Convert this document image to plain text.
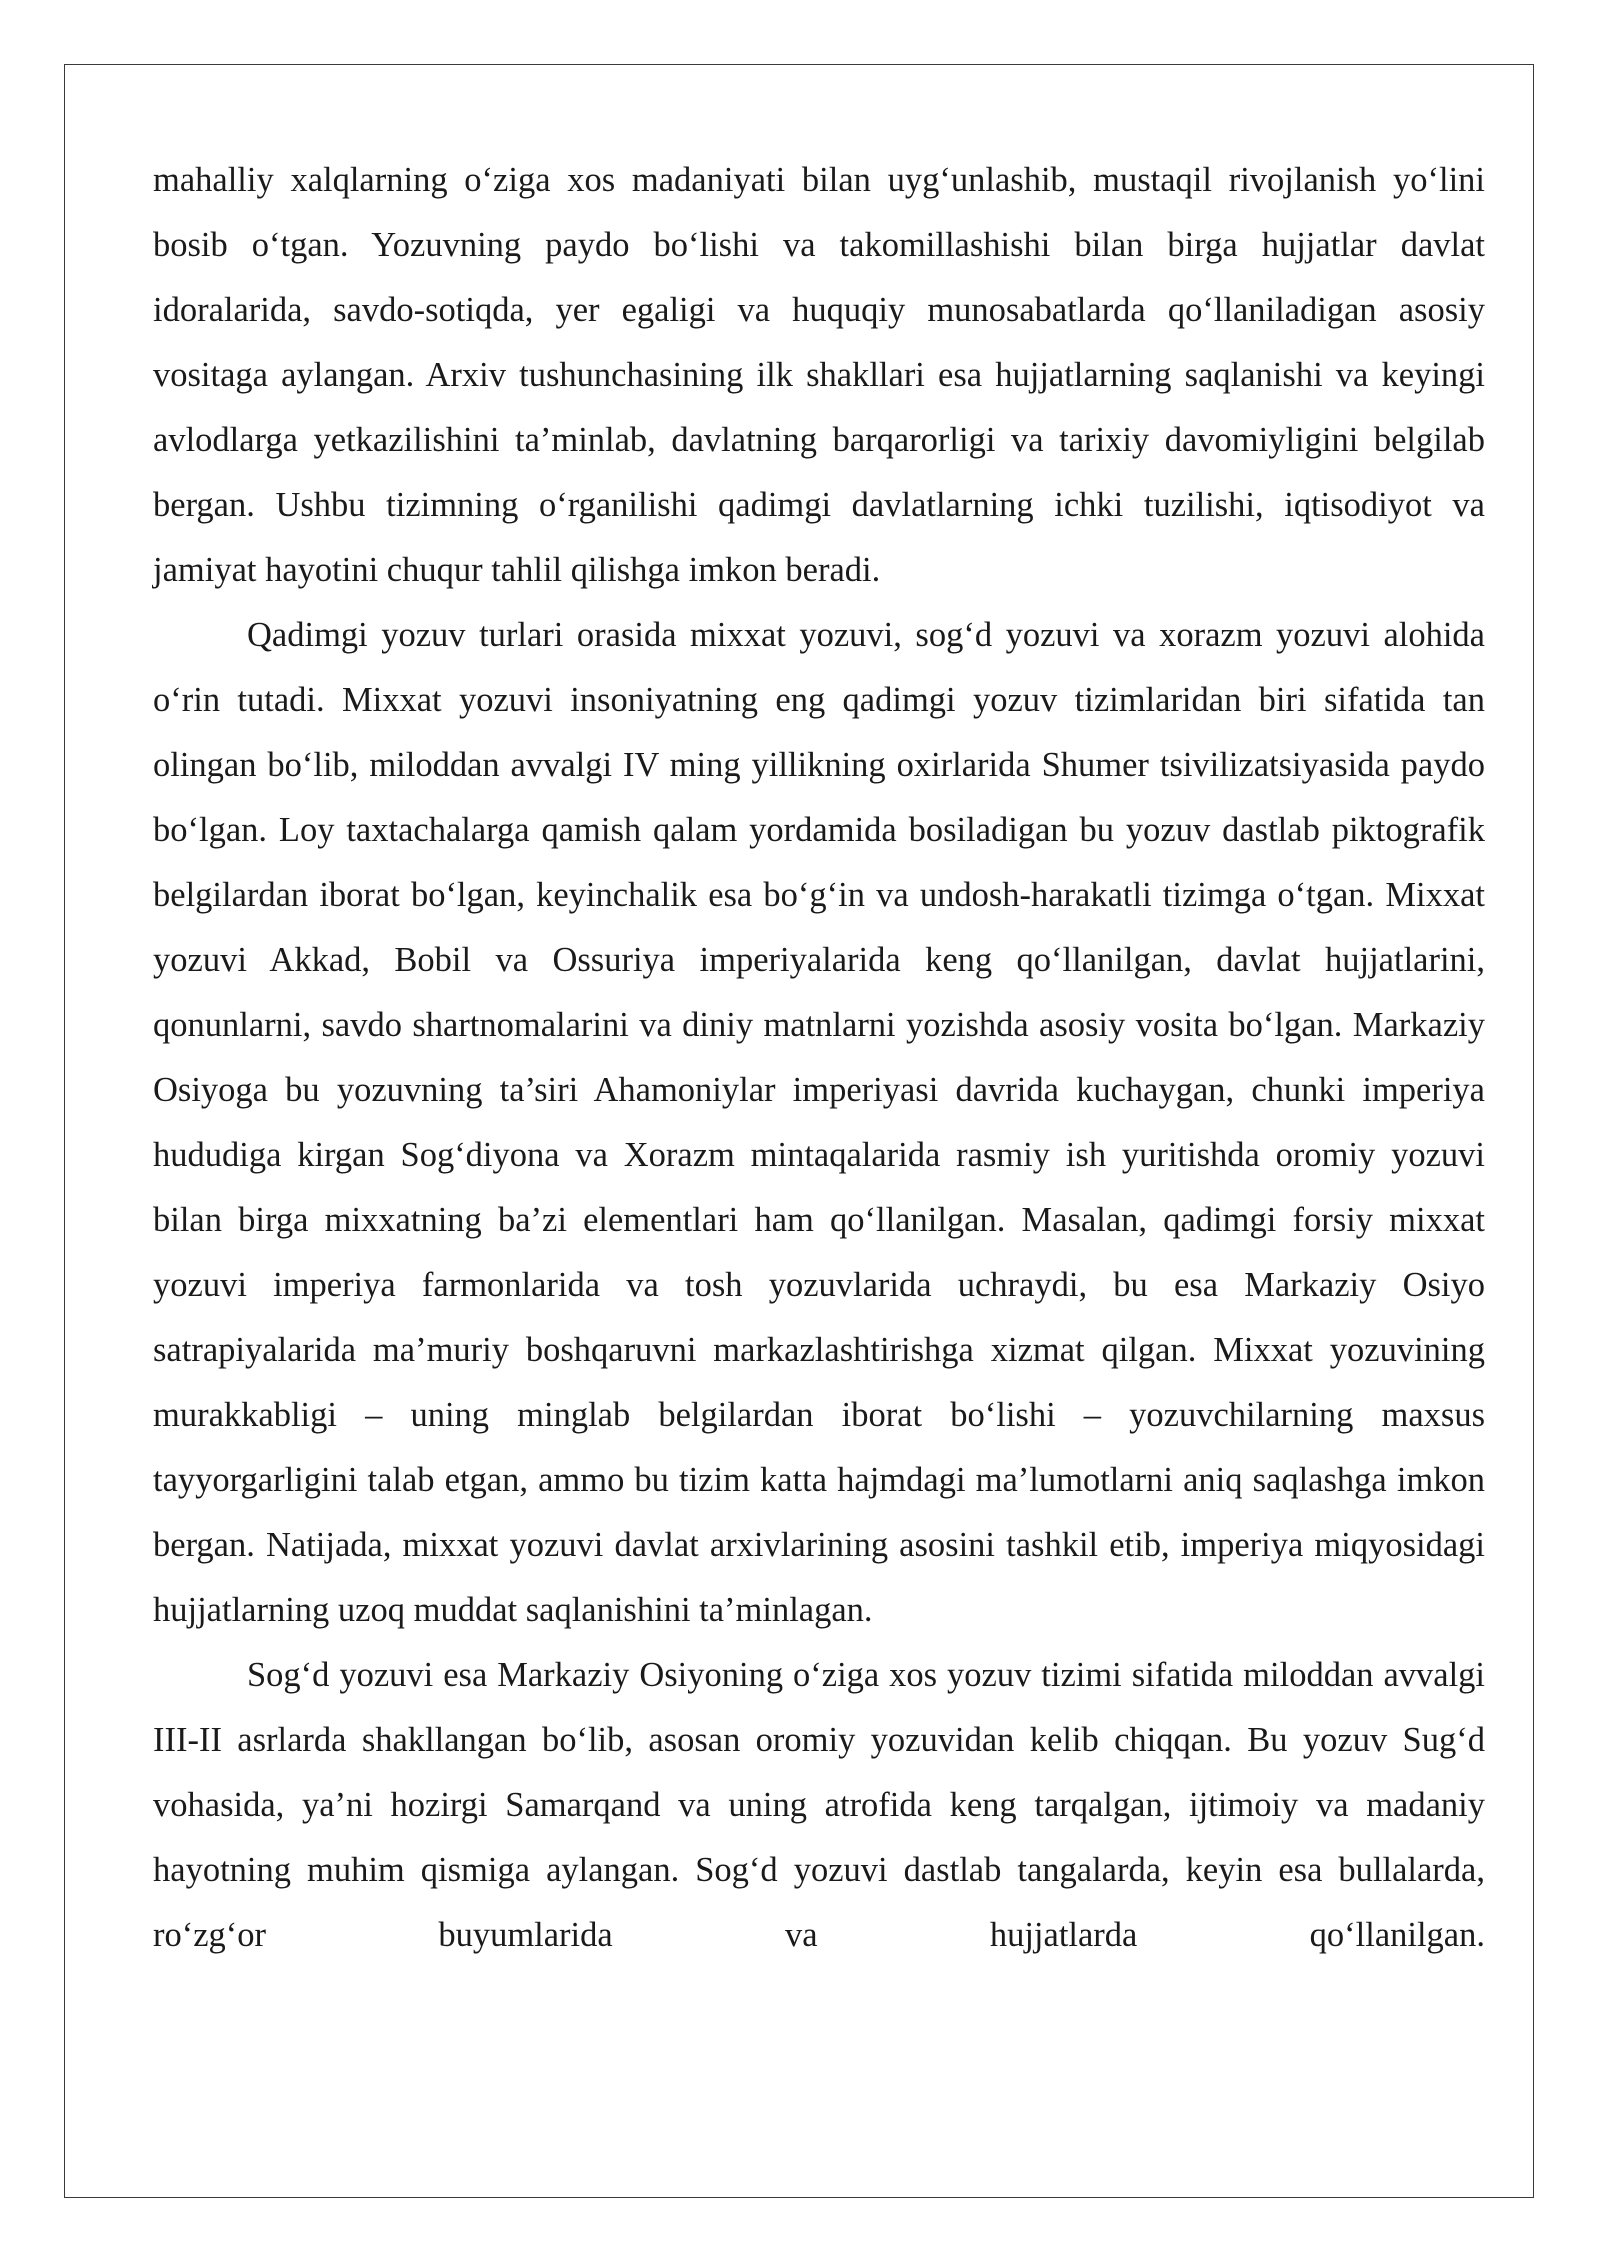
mahalliy xalqlarning o‘ziga xos madaniyati bilan uyg‘unlashib, mustaqil rivojlanish yo‘lini bosib o‘tgan. Yozuvning paydo bo‘lishi va takomillashishi bilan birga hujjatlar davlat idoralarida, savdo-sotiqda, yer egaligi va huquqiy munosabatlarda qo‘llaniladigan asosiy vositaga aylangan. Arxiv tushunchasining ilk shakllari esa hujjatlarning saqlanishi va keyingi avlodlarga yetkazilishini ta’minlab, davlatning barqarorligi va tarixiy davomiyligini belgilab bergan. Ushbu tizimning o‘rganilishi qadimgi davlatlarning ichki tuzilishi, iqtisodiyot va jamiyat hayotini chuqur tahlil qilishga imkon beradi.

Qadimgi yozuv turlari orasida mixxat yozuvi, sog‘d yozuvi va xorazm yozuvi alohida o‘rin tutadi. Mixxat yozuvi insoniyatning eng qadimgi yozuv tizimlaridan biri sifatida tan olingan bo‘lib, miloddan avvalgi IV ming yillikning oxirlarida Shumer tsivilizatsiyasida paydo bo‘lgan. Loy taxtachalarga qamish qalam yordamida bosiladigan bu yozuv dastlab piktografik belgilardan iborat bo‘lgan, keyinchalik esa bo‘g‘in va undosh-harakatli tizimga o‘tgan. Mixxat yozuvi Akkad, Bobil va Ossuriya imperiyalarida keng qo‘llanilgan, davlat hujjatlarini, qonunlarni, savdo shartnomalarini va diniy matnlarni yozishda asosiy vosita bo‘lgan. Markaziy Osiyoga bu yozuvning ta’siri Ahamoniylar imperiyasi davrida kuchaygan, chunki imperiya hududiga kirgan Sog‘diyona va Xorazm mintaqalarida rasmiy ish yuritishda oromiy yozuvi bilan birga mixxatning ba’zi elementlari ham qo‘llanilgan. Masalan, qadimgi forsiy mixxat yozuvi imperiya farmonlarida va tosh yozuvlarida uchraydi, bu esa Markaziy Osiyo satrapiyalarida ma’muriy boshqaruvni markazlashtirishga xizmat qilgan. Mixxat yozuvining murakkabligi – uning minglab belgilardan iborat bo‘lishi – yozuvchilarning maxsus tayyorgarligini talab etgan, ammo bu tizim katta hajmdagi ma’lumotlarni aniq saqlashga imkon bergan. Natijada, mixxat yozuvi davlat arxivlarining asosini tashkil etib, imperiya miqyosidagi hujjatlarning uzoq muddat saqlanishini ta’minlagan.

Sog‘d yozuvi esa Markaziy Osiyoning o‘ziga xos yozuv tizimi sifatida miloddan avvalgi III-II asrlarda shakllangan bo‘lib, asosan oromiy yozuvidan kelib chiqqan. Bu yozuv Sug‘d vohasida, ya’ni hozirgi Samarqand va uning atrofida keng tarqalgan, ijtimoiy va madaniy hayotning muhim qismiga aylangan. Sog‘d yozuvi dastlab tangalarda, keyin esa bullalarda, ro‘zg‘or buyumlarida va hujjatlarda qo‘llanilgan.
